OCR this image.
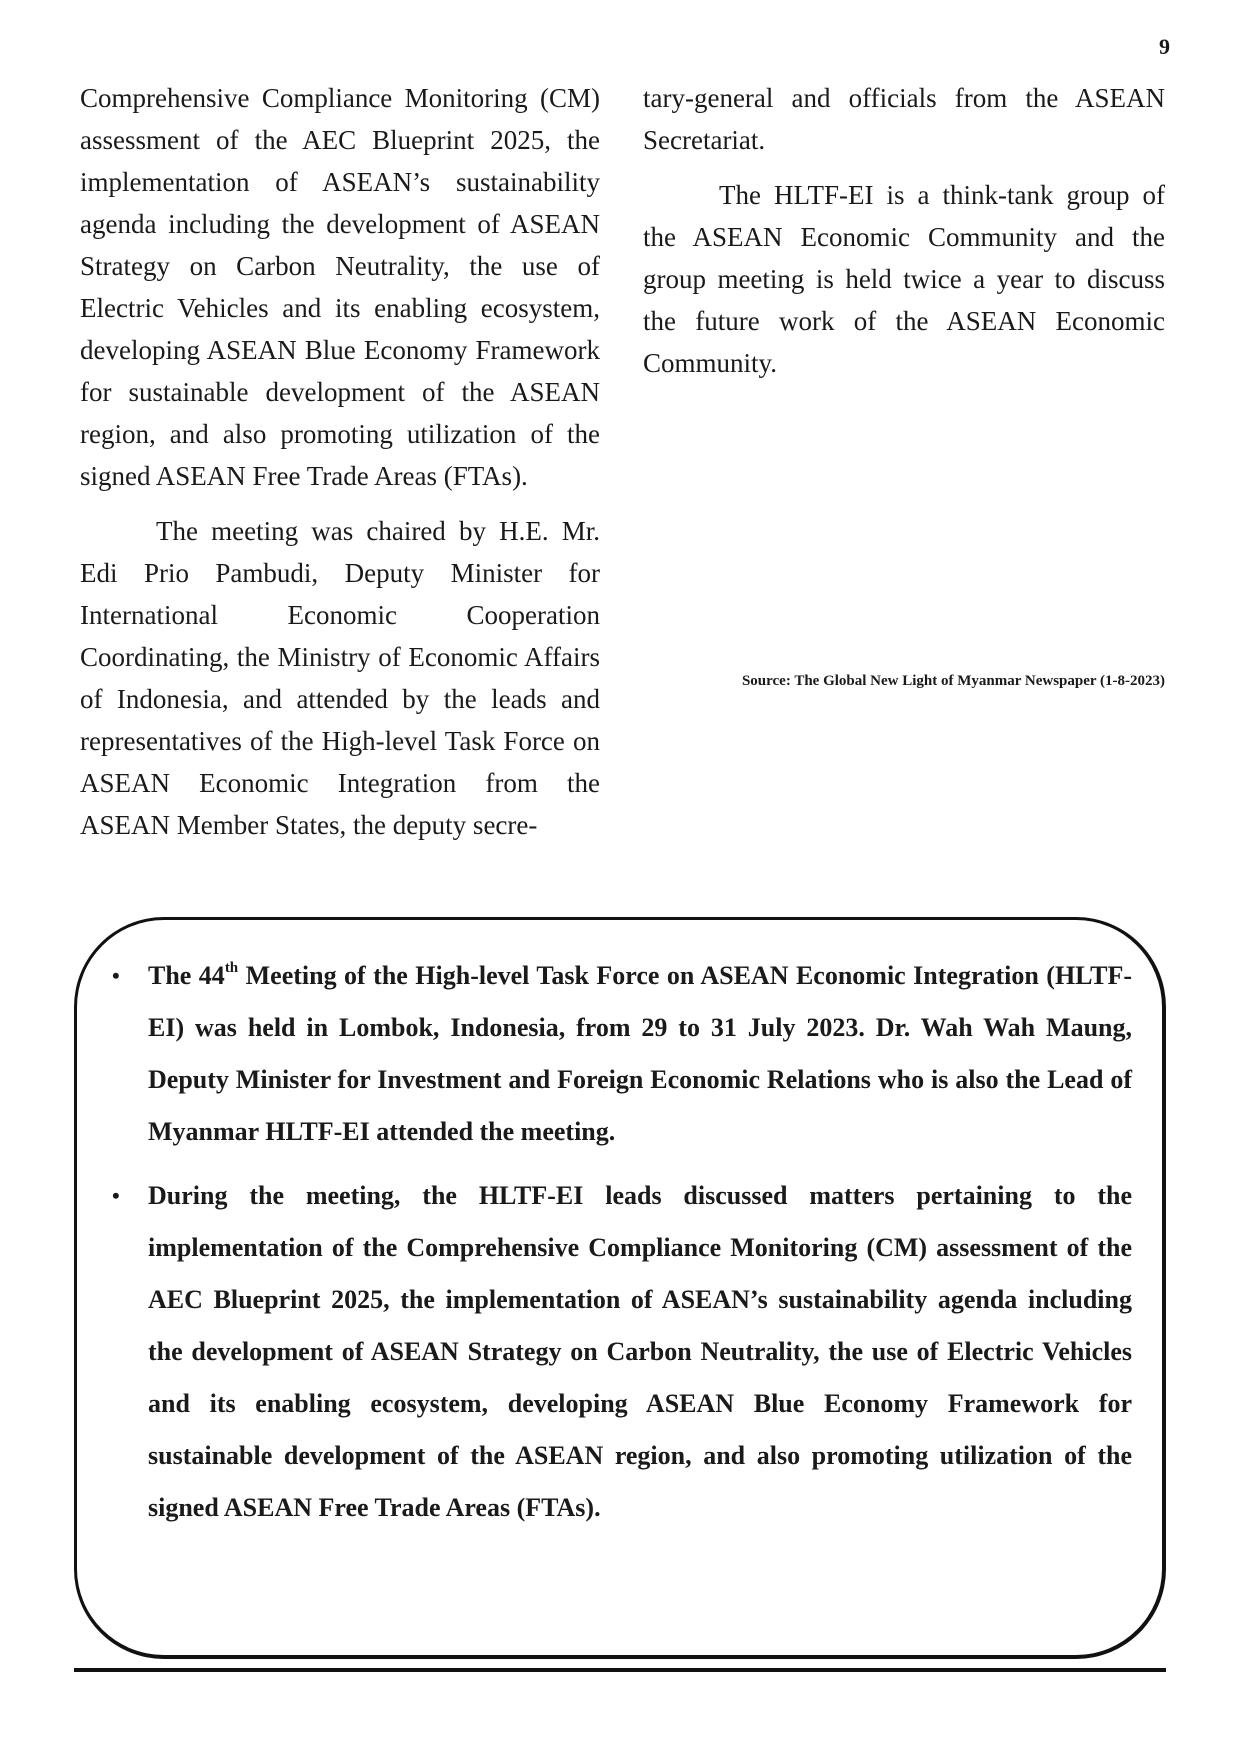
9

Comprehensive Compliance Monitoring (CM) assessment of the AEC Blueprint 2025, the implementation of ASEAN’s sustainability agenda including the development of ASEAN Strategy on Carbon Neutrality, the use of Electric Vehicles and its enabling ecosystem, developing ASEAN Blue Economy Framework for sustainable development of the ASEAN region, and also promoting utilization of the signed ASEAN Free Trade Areas (FTAs).

The meeting was chaired by H.E. Mr. Edi Prio Pambudi, Deputy Minister for International Economic Cooperation Coordinating, the Ministry of Economic Affairs of Indonesia, and attended by the leads and representatives of the High-level Task Force on ASEAN Economic Integration from the ASEAN Member States, the deputy secre-

tary-general and officials from the ASEAN Secretariat.

The HLTF-EI is a think-tank group of the ASEAN Economic Community and the group meeting is held twice a year to discuss the future work of the ASEAN Economic Community.

Source: The Global New Light of Myanmar Newspaper (1-8-2023)
• The 44th Meeting of the High-level Task Force on ASEAN Economic Integration (HLTF-EI) was held in Lombok, Indonesia, from 29 to 31 July 2023. Dr. Wah Wah Maung, Deputy Minister for Investment and Foreign Economic Relations who is also the Lead of Myanmar HLTF-EI attended the meeting.
• During the meeting, the HLTF-EI leads discussed matters pertaining to the implementation of the Comprehensive Compliance Monitoring (CM) assessment of the AEC Blueprint 2025, the implementation of ASEAN’s sustainability agenda including the development of ASEAN Strategy on Carbon Neutrality, the use of Electric Vehicles and its enabling ecosystem, developing ASEAN Blue Economy Framework for sustainable development of the ASEAN region, and also promoting utilization of the signed ASEAN Free Trade Areas (FTAs).
